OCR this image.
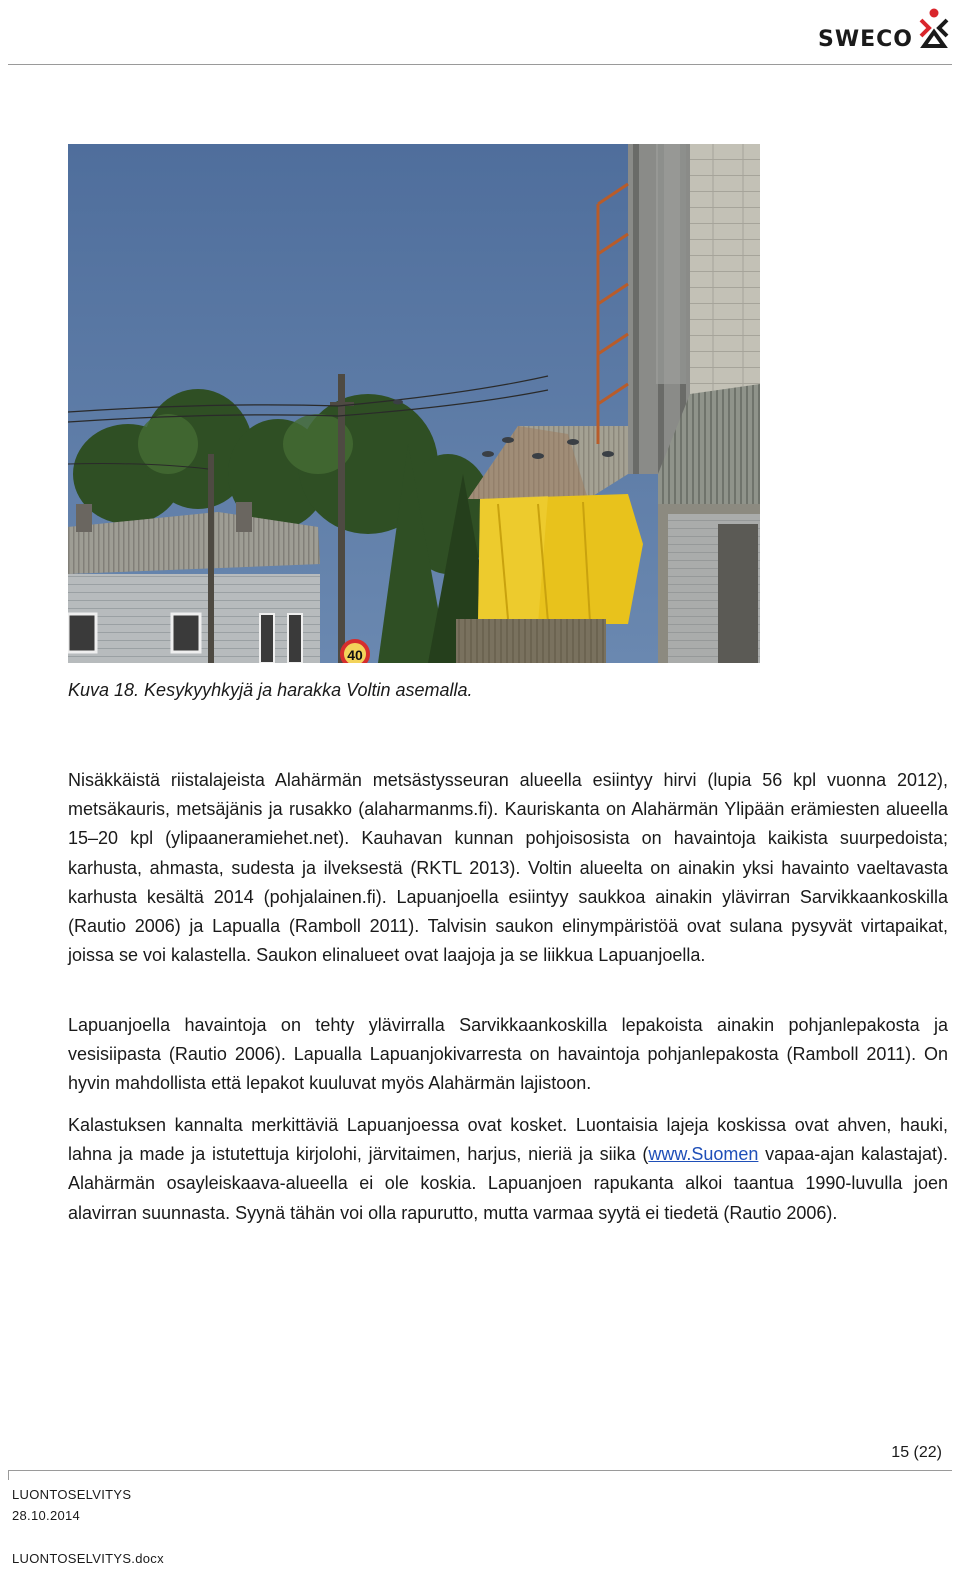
SWECO
40
Kuva 18. Kesykyyhkyjä ja harakka Voltin asemalla.

Nisäkkäistä riistalajeista Alahärmän metsästysseuran alueella esiintyy hirvi (lupia 56 kpl vuonna 2012), metsäkauris, metsäjänis ja rusakko (alaharmanms.fi). Kauriskanta on Alahärmän Ylipään erämiesten alueella 15–20 kpl (ylipaaneramiehet.net). Kauhavan kunnan pohjoisosista on havaintoja kaikista suurpedoista; karhusta, ahmasta, sudesta ja ilveksestä (RKTL 2013). Voltin alueelta on ainakin yksi havainto vaeltavasta karhusta kesältä 2014 (pohjalainen.fi). Lapuanjoella esiintyy saukkoa ainakin ylävirran Sarvikkaankoskilla (Rautio 2006) ja Lapualla (Ramboll 2011). Talvisin saukon elinympäristöä ovat sulana pysyvät virtapaikat, joissa se voi kalastella. Saukon elinalueet ovat laajoja ja se liikkua Lapuanjoella.

Lapuanjoella havaintoja on tehty ylävirralla Sarvikkaankoskilla lepakoista ainakin pohjanlepakosta ja vesisiipasta (Rautio 2006). Lapualla Lapuanjokivarresta on havaintoja pohjanlepakosta (Ramboll 2011). On hyvin mahdollista että lepakot kuuluvat myös Alahärmän lajistoon.

Kalastuksen kannalta merkittäviä Lapuanjoessa ovat kosket. Luontaisia lajeja koskissa ovat ahven, hauki, lahna ja made ja istutettuja kirjolohi, järvitaimen, harjus, nieriä ja siika (www.Suomen vapaa-ajan kalastajat). Alahärmän osayleiskaava-alueella ei ole koskia. Lapuanjoen rapukanta alkoi taantua 1990-luvulla joen alavirran suunnasta. Syynä tähän voi olla rapurutto, mutta varmaa syytä ei tiedetä (Rautio 2006).

15 (22)
LUONTOSELVITYS
28.10.2014
LUONTOSELVITYS.docx
